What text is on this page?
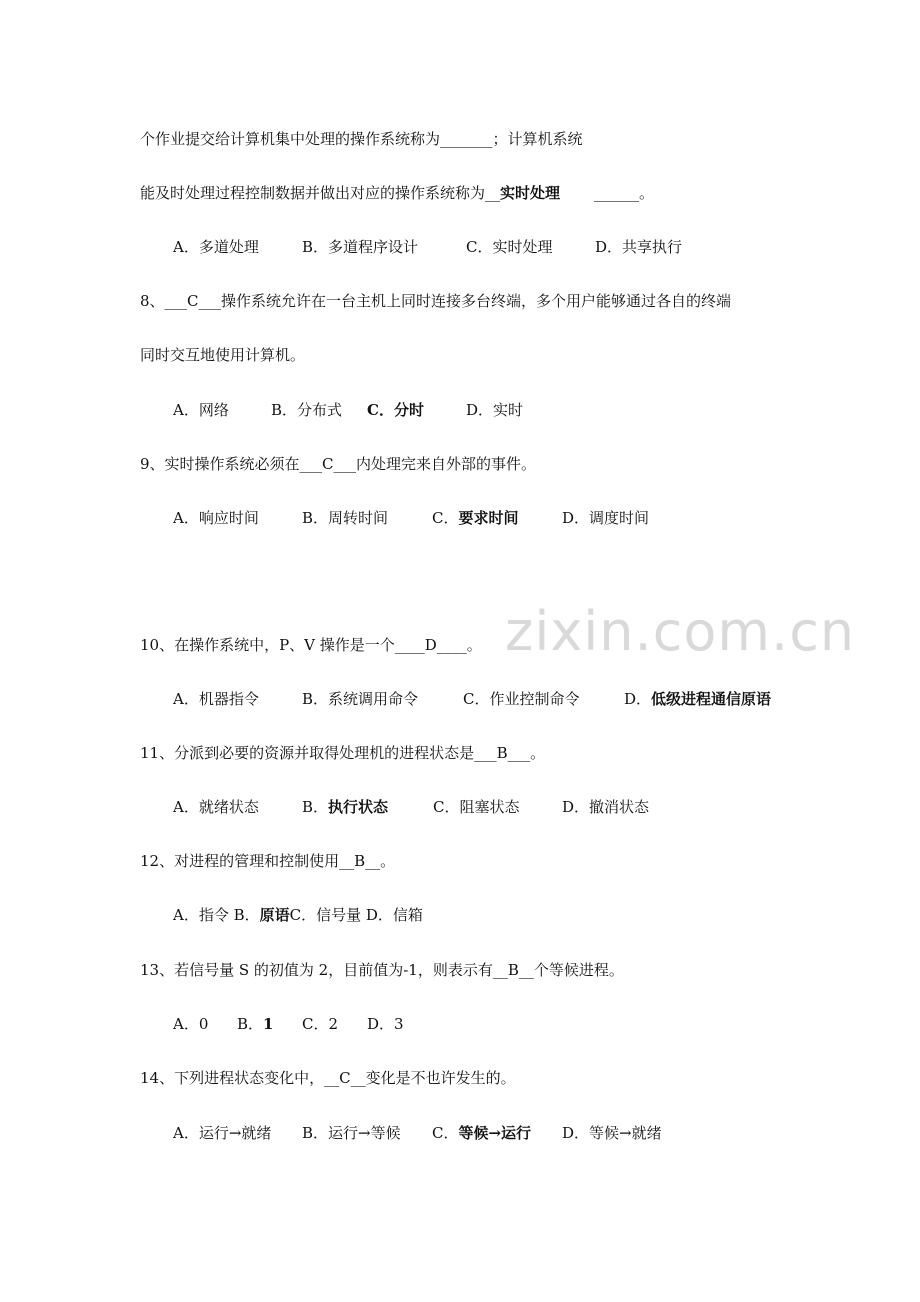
个作业提交给计算机集中处理的操作系统称为_______；计算机系统
能及时处理过程控制数据并做出对应的操作系统称为__实时处理 ______。
A．多道处理	B．多道程序设计	C．实时处理	D．共享执行
8、___C___操作系统允许在一台主机上同时连接多台终端，多个用户能够通过各自的终端
同时交互地使用计算机。
A．网络	B．分布式 C．分时	D．实时
9、实时操作系统必须在___C___内处理完来自外部的事件。
A．响应时间	B．周转时间	C．要求时间	D．调度时间
zixin.com.cn
10、在操作系统中，P、V 操作是一个____D____。
A．机器指令	B．系统调用命令	C．作业控制命令	D．低级进程通信原语
11、分派到必要的资源并取得处理机的进程状态是___B___。
A．就绪状态	B．执行状态	C．阻塞状态	D．撤消状态
12、对进程的管理和控制使用__B__。
A．指令 B．原语C．信号量 D．信箱
13、若信号量 S 的初值为 2，目前值为-1，则表示有__B__个等候进程。
A．0 B．1 C．2 D．3
14、下列进程状态变化中，__C__变化是不也许发生的。
A．运行→就绪 B．运行→等候 C．等候→运行 D．等候→就绪
